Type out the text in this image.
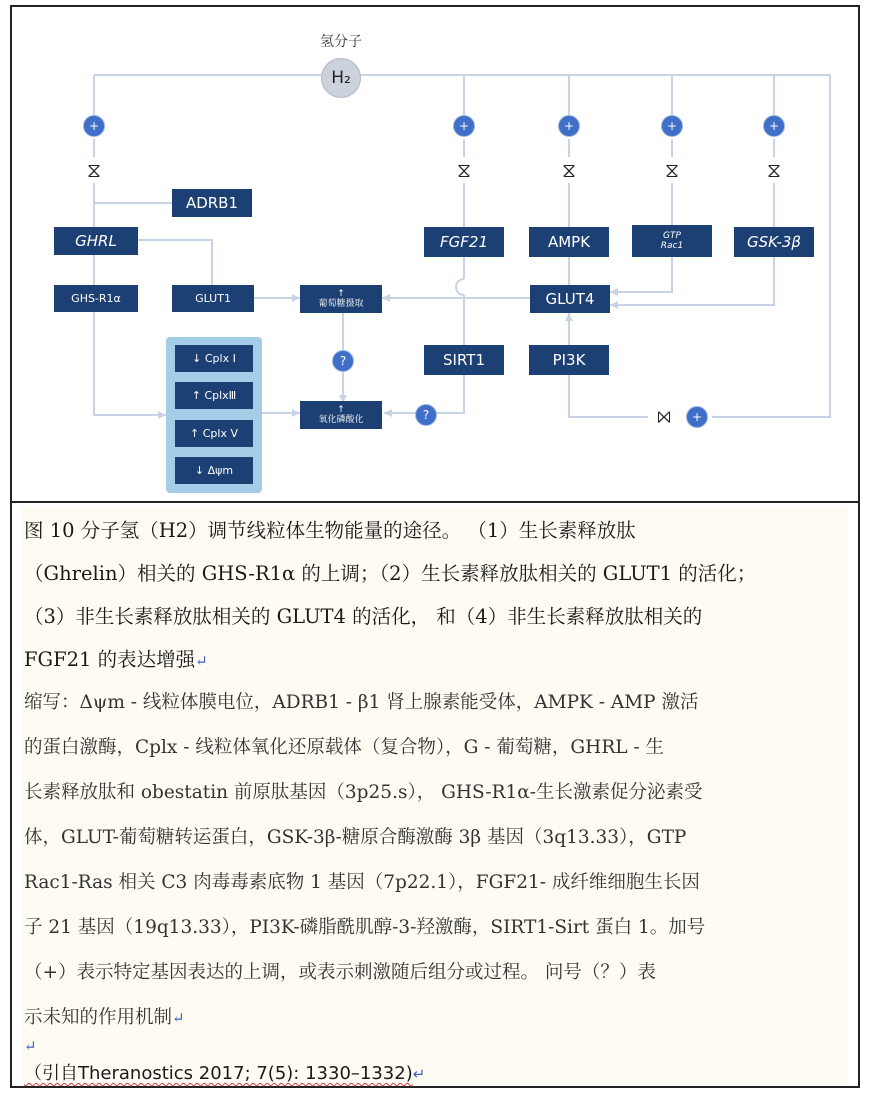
氢分子
H₂
+	+	+	+	+
+
⧖	⧖	⧖	⧖	⧖
⧖
ADRB1
GHRL	FGF21	AMPK	GTP
Rac1	GSK-3β
GHS-R1α	GLUT1	↑
葡萄糖摄取	GLUT4
SIRT1	PI3K
↑
氧化磷酸化
?
?
↓ Cplx Ⅰ
↑ CplxⅢ
↑ Cplx Ⅴ
↓ Δψm
图 10 分子氢（H2）调节线粒体生物能量的途径。 （1）生长素释放肽
（Ghrelin）相关的 GHS-R1α 的上调；（2）生长素释放肽相关的 GLUT1 的活化；
（3）非生长素释放肽相关的 GLUT4 的活化， 和（4）非生长素释放肽相关的
FGF21 的表达增强↵
缩写：Δψm - 线粒体膜电位，ADRB1 - β1 肾上腺素能受体，AMPK - AMP 激活
的蛋白激酶，Cplx - 线粒体氧化还原载体（复合物），G - 葡萄糖，GHRL - 生
长素释放肽和 obestatin 前原肽基因（3p25.s）， GHS-R1α-生长激素促分泌素受
体，GLUT-葡萄糖转运蛋白，GSK-3β-糖原合酶激酶 3β 基因（3q13.33），GTP
Rac1-Ras 相关 C3 肉毒毒素底物 1 基因（7p22.1），FGF21- 成纤维细胞生长因
子 21 基因（19q13.33），PI3K-磷脂酰肌醇-3-羟激酶，SIRT1-Sirt 蛋白 1。加号
（+）表示特定基因表达的上调，或表示刺激随后组分或过程。 问号（？）表
示未知的作用机制↵
↵
（引自Theranostics 2017; 7(5): 1330–1332)↵
